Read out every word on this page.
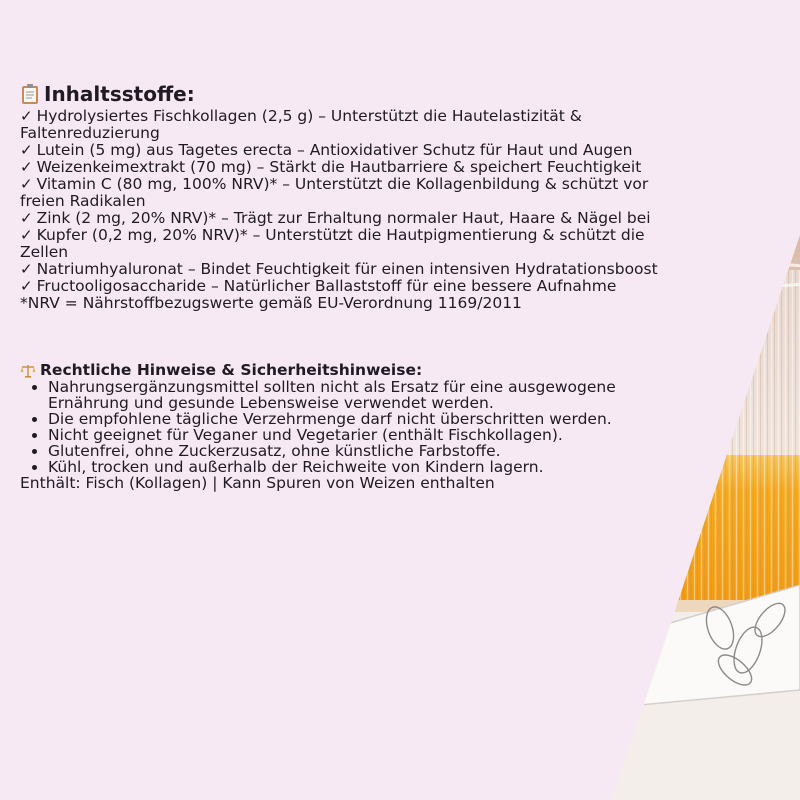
Inhaltsstoffe:
✓ Hydrolysiertes Fischkollagen (2,5 g) – Unterstützt die Hautelastizität & Faltenreduzierung
✓ Lutein (5 mg) aus Tagetes erecta – Antioxidativer Schutz für Haut und Augen
✓ Weizenkeimextrakt (70 mg) – Stärkt die Hautbarriere & speichert Feuchtigkeit
✓ Vitamin C (80 mg, 100% NRV)* – Unterstützt die Kollagenbildung & schützt vor freien Radikalen
✓ Zink (2 mg, 20% NRV)* – Trägt zur Erhaltung normaler Haut, Haare & Nägel bei
✓ Kupfer (0,2 mg, 20% NRV)* – Unterstützt die Hautpigmentierung & schützt die Zellen
✓ Natriumhyaluronat – Bindet Feuchtigkeit für einen intensiven Hydratationsboost
✓ Fructooligosaccharide – Natürlicher Ballaststoff für eine bessere Aufnahme

*NRV = Nährstoffbezugswerte gemäß EU-Verordnung 1169/2011

Rechtliche Hinweise & Sicherheitshinweise:
• Nahrungsergänzungsmittel sollten nicht als Ersatz für eine ausgewogene Ernährung und gesunde Lebensweise verwendet werden.
• Die empfohlene tägliche Verzehrmenge darf nicht überschritten werden.
• Nicht geeignet für Veganer und Vegetarier (enthält Fischkollagen).
• Glutenfrei, ohne Zuckerzusatz, ohne künstliche Farbstoffe.
• Kühl, trocken und außerhalb der Reichweite von Kindern lagern.

Enthält: Fisch (Kollagen) | Kann Spuren von Weizen enthalten
